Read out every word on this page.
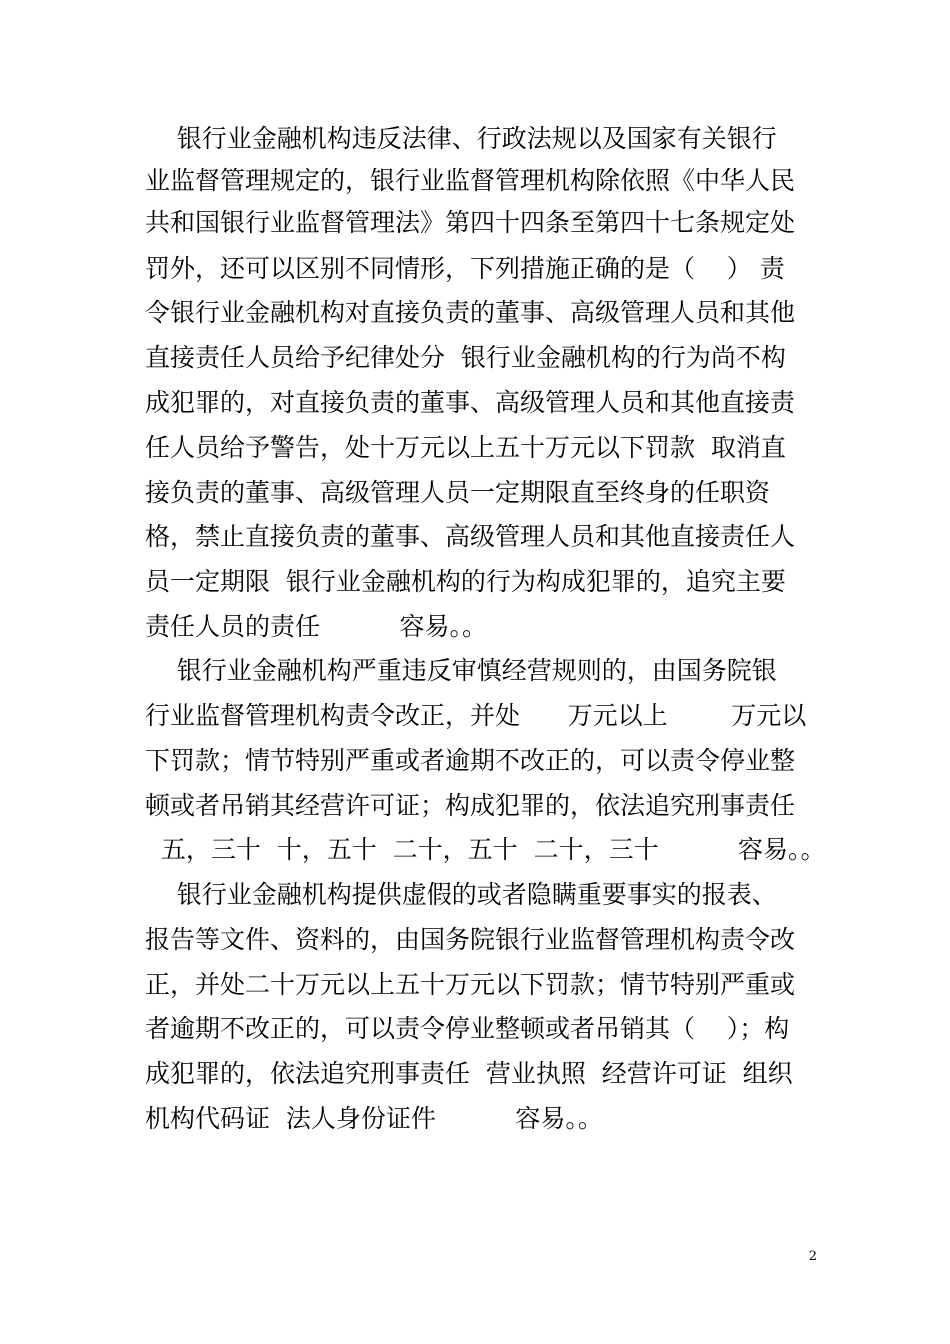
银行业金融机构违反法律、行政法规以及国家有关银行
业监督管理规定的，银行业监督管理机构除依照《中华人民
共和国银行业监督管理法》第四十四条至第四十七条规定处
罚外，还可以区别不同情形，下列措施正确的是（    ） 责
令银行业金融机构对直接负责的董事、高级管理人员和其他
直接责任人员给予纪律处分  银行业金融机构的行为尚不构
成犯罪的，对直接负责的董事、高级管理人员和其他直接责
任人员给予警告，处十万元以上五十万元以下罚款  取消直
接负责的董事、高级管理人员一定期限直至终身的任职资
格，禁止直接负责的董事、高级管理人员和其他直接责任人
员一定期限  银行业金融机构的行为构成犯罪的，追究主要
责任人员的责任          容易。。
银行业金融机构严重违反审慎经营规则的，由国务院银
行业监督管理机构责令改正，并处      万元以上        万元以
下罚款；情节特别严重或者逾期不改正的，可以责令停业整
顿或者吊销其经营许可证；构成犯罪的，依法追究刑事责任
五，三十  十，五十  二十，五十  二十，三十          容易。。
银行业金融机构提供虚假的或者隐瞒重要事实的报表、
报告等文件、资料的，由国务院银行业监督管理机构责令改
正，并处二十万元以上五十万元以下罚款；情节特别严重或
者逾期不改正的，可以责令停业整顿或者吊销其（    ）；构
成犯罪的，依法追究刑事责任  营业执照  经营许可证  组织
机构代码证  法人身份证件          容易。。
2
